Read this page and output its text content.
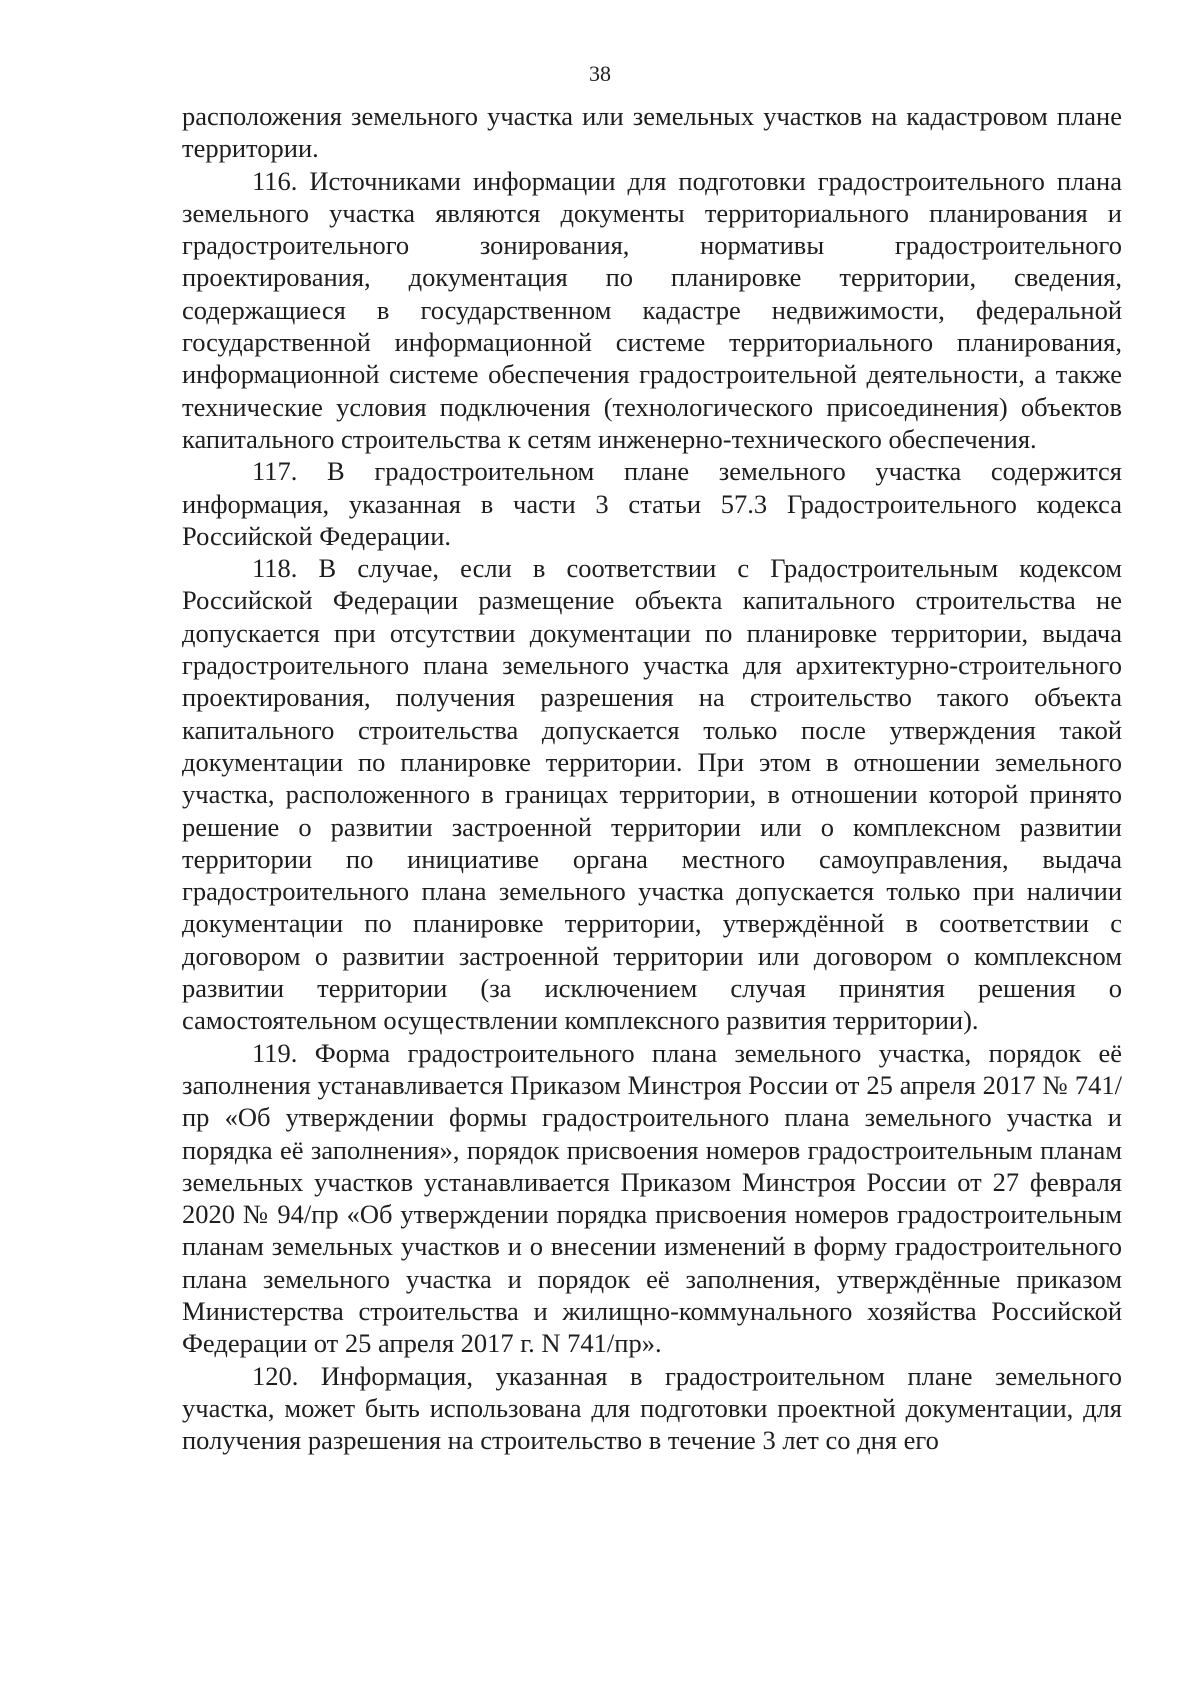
38

расположения земельного участка или земельных участков на кадастровом плане территории.

116. Источниками информации для подготовки градостроительного плана земельного участка являются документы территориального планирования и градостроительного зонирования, нормативы градостроительного проектирования, документация по планировке территории, сведения, содержащиеся в государственном кадастре недвижимости, федеральной государственной информационной системе территориального планирования, информационной системе обеспечения градостроительной деятельности, а также технические условия подключения (технологического присоединения) объектов капитального строительства к сетям инженерно-технического обеспечения.

117. В градостроительном плане земельного участка содержится информация, указанная в части 3 статьи 57.3 Градостроительного кодекса Российской Федерации.

118. В случае, если в соответствии с Градостроительным кодексом Российской Федерации размещение объекта капитального строительства не допускается при отсутствии документации по планировке территории, выдача градостроительного плана земельного участка для архитектурно-строительного проектирования, получения разрешения на строительство такого объекта капитального строительства допускается только после утверждения такой документации по планировке территории. При этом в отношении земельного участка, расположенного в границах территории, в отношении которой принято решение о развитии застроенной территории или о комплексном развитии территории по инициативе органа местного самоуправления, выдача градостроительного плана земельного участка допускается только при наличии документации по планировке территории, утверждённой в соответствии с договором о развитии застроенной территории или договором о комплексном развитии территории (за исключением случая принятия решения о самостоятельном осуществлении комплексного развития территории).

119. Форма градостроительного плана земельного участка, порядок её заполнения устанавливается Приказом Минстроя России от 25 апреля 2017 № 741/пр «Об утверждении формы градостроительного плана земельного участка и порядка её заполнения», порядок присвоения номеров градостроительным планам земельных участков устанавливается Приказом Минстроя России от 27 февраля 2020 № 94/пр «Об утверждении порядка присвоения номеров градостроительным планам земельных участков и о внесении изменений в форму градостроительного плана земельного участка и порядок её заполнения, утверждённые приказом Министерства строительства и жилищно-коммунального хозяйства Российской Федерации от 25 апреля 2017 г. N 741/пр».

120. Информация, указанная в градостроительном плане земельного участка, может быть использована для подготовки проектной документации, для получения разрешения на строительство в течение 3 лет со дня его
